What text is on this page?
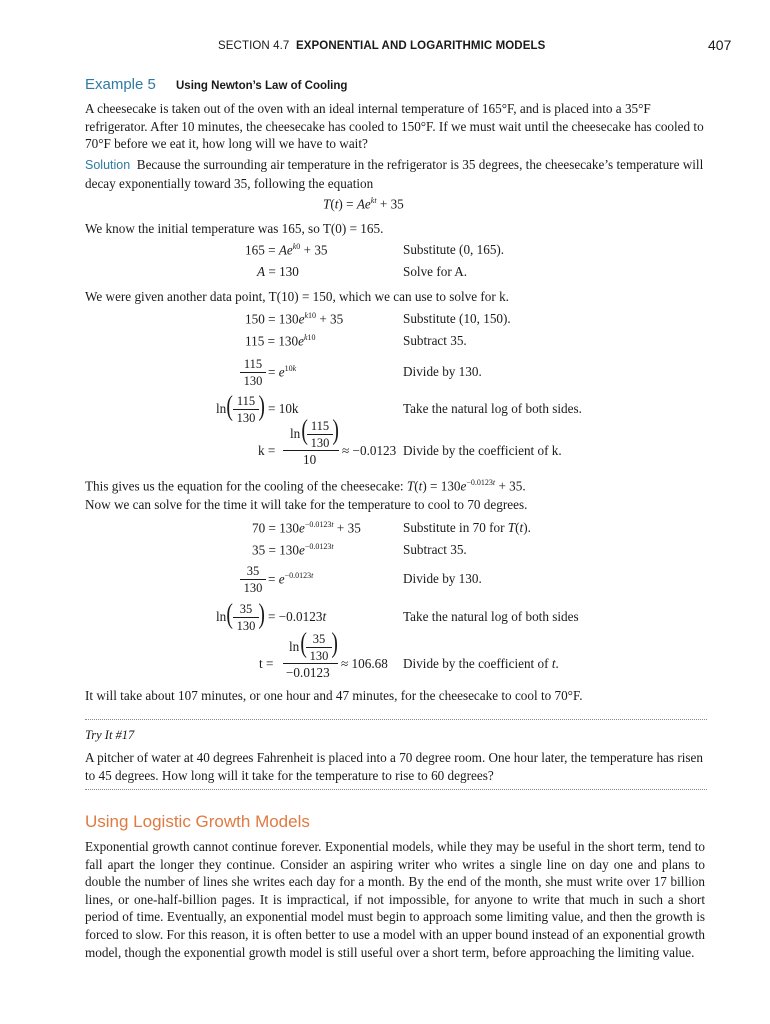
SECTION 4.7 EXPONENTIAL AND LOGARITHMIC MODELS	407
Example 5 Using Newton’s Law of Cooling
A cheesecake is taken out of the oven with an ideal internal temperature of 165°F, and is placed into a 35°F refrigerator. After 10 minutes, the cheesecake has cooled to 150°F. If we must wait until the cheesecake has cooled to 70°F before we eat it, how long will we have to wait?
Solution Because the surrounding air temperature in the refrigerator is 35 degrees, the cheesecake’s temperature will decay exponentially toward 35, following the equation
$T(t) = Ae^{kt} + 35$
We know the initial temperature was 165, so T(0) = 165.
$165 = Ae^{k0} + 35$	Substitute (0, 165).
A = 130	Solve for A.
We were given another data point, T(10) = 150, which we can use to solve for k.
$150 = 130e^{k10} + 35$	Substitute (10, 150).
$115 = 130e^{k10}$	Subtract 35.
115
130
= $e^{10k}$	Divide by 130.
ln ( 115
130 ) = 10k	Take the natural log of both sides.
k =
ln ( 115
130 )
10
≈ −0.0123 Divide by the coefficient of k.
This gives us the equation for the cooling of the cheesecake: $T(t) = 130e^{-0.0123t} + 35$.
Now we can solve for the time it will take for the temperature to cool to 70 degrees.
$70 = 130e^{-0.0123t} + 35$	Substitute in 70 for T(t).
$35 = 130e^{-0.0123t}$	Subtract 35.
35
130
= $e^{-0.0123t}$	Divide by 130.
ln ( 35
130 ) = −0.0123t	Take the natural log of both sides
t =
ln ( 35
130 )
−0.0123
≈ 106.68 Divide by the coefficient of t.
It will take about 107 minutes, or one hour and 47 minutes, for the cheesecake to cool to 70°F.
Try It #17
A pitcher of water at 40 degrees Fahrenheit is placed into a 70 degree room. One hour later, the temperature has risen to 45 degrees. How long will it take for the temperature to rise to 60 degrees?
Using Logistic Growth Models
Exponential growth cannot continue forever. Exponential models, while they may be useful in the short term, tend to fall apart the longer they continue. Consider an aspiring writer who writes a single line on day one and plans to double the number of lines she writes each day for a month. By the end of the month, she must write over 17 billion lines, or one-half-billion pages. It is impractical, if not impossible, for anyone to write that much in such a short period of time. Eventually, an exponential model must begin to approach some limiting value, and then the growth is forced to slow. For this reason, it is often better to use a model with an upper bound instead of an exponential growth model, though the exponential growth model is still useful over a short term, before approaching the limiting value.
